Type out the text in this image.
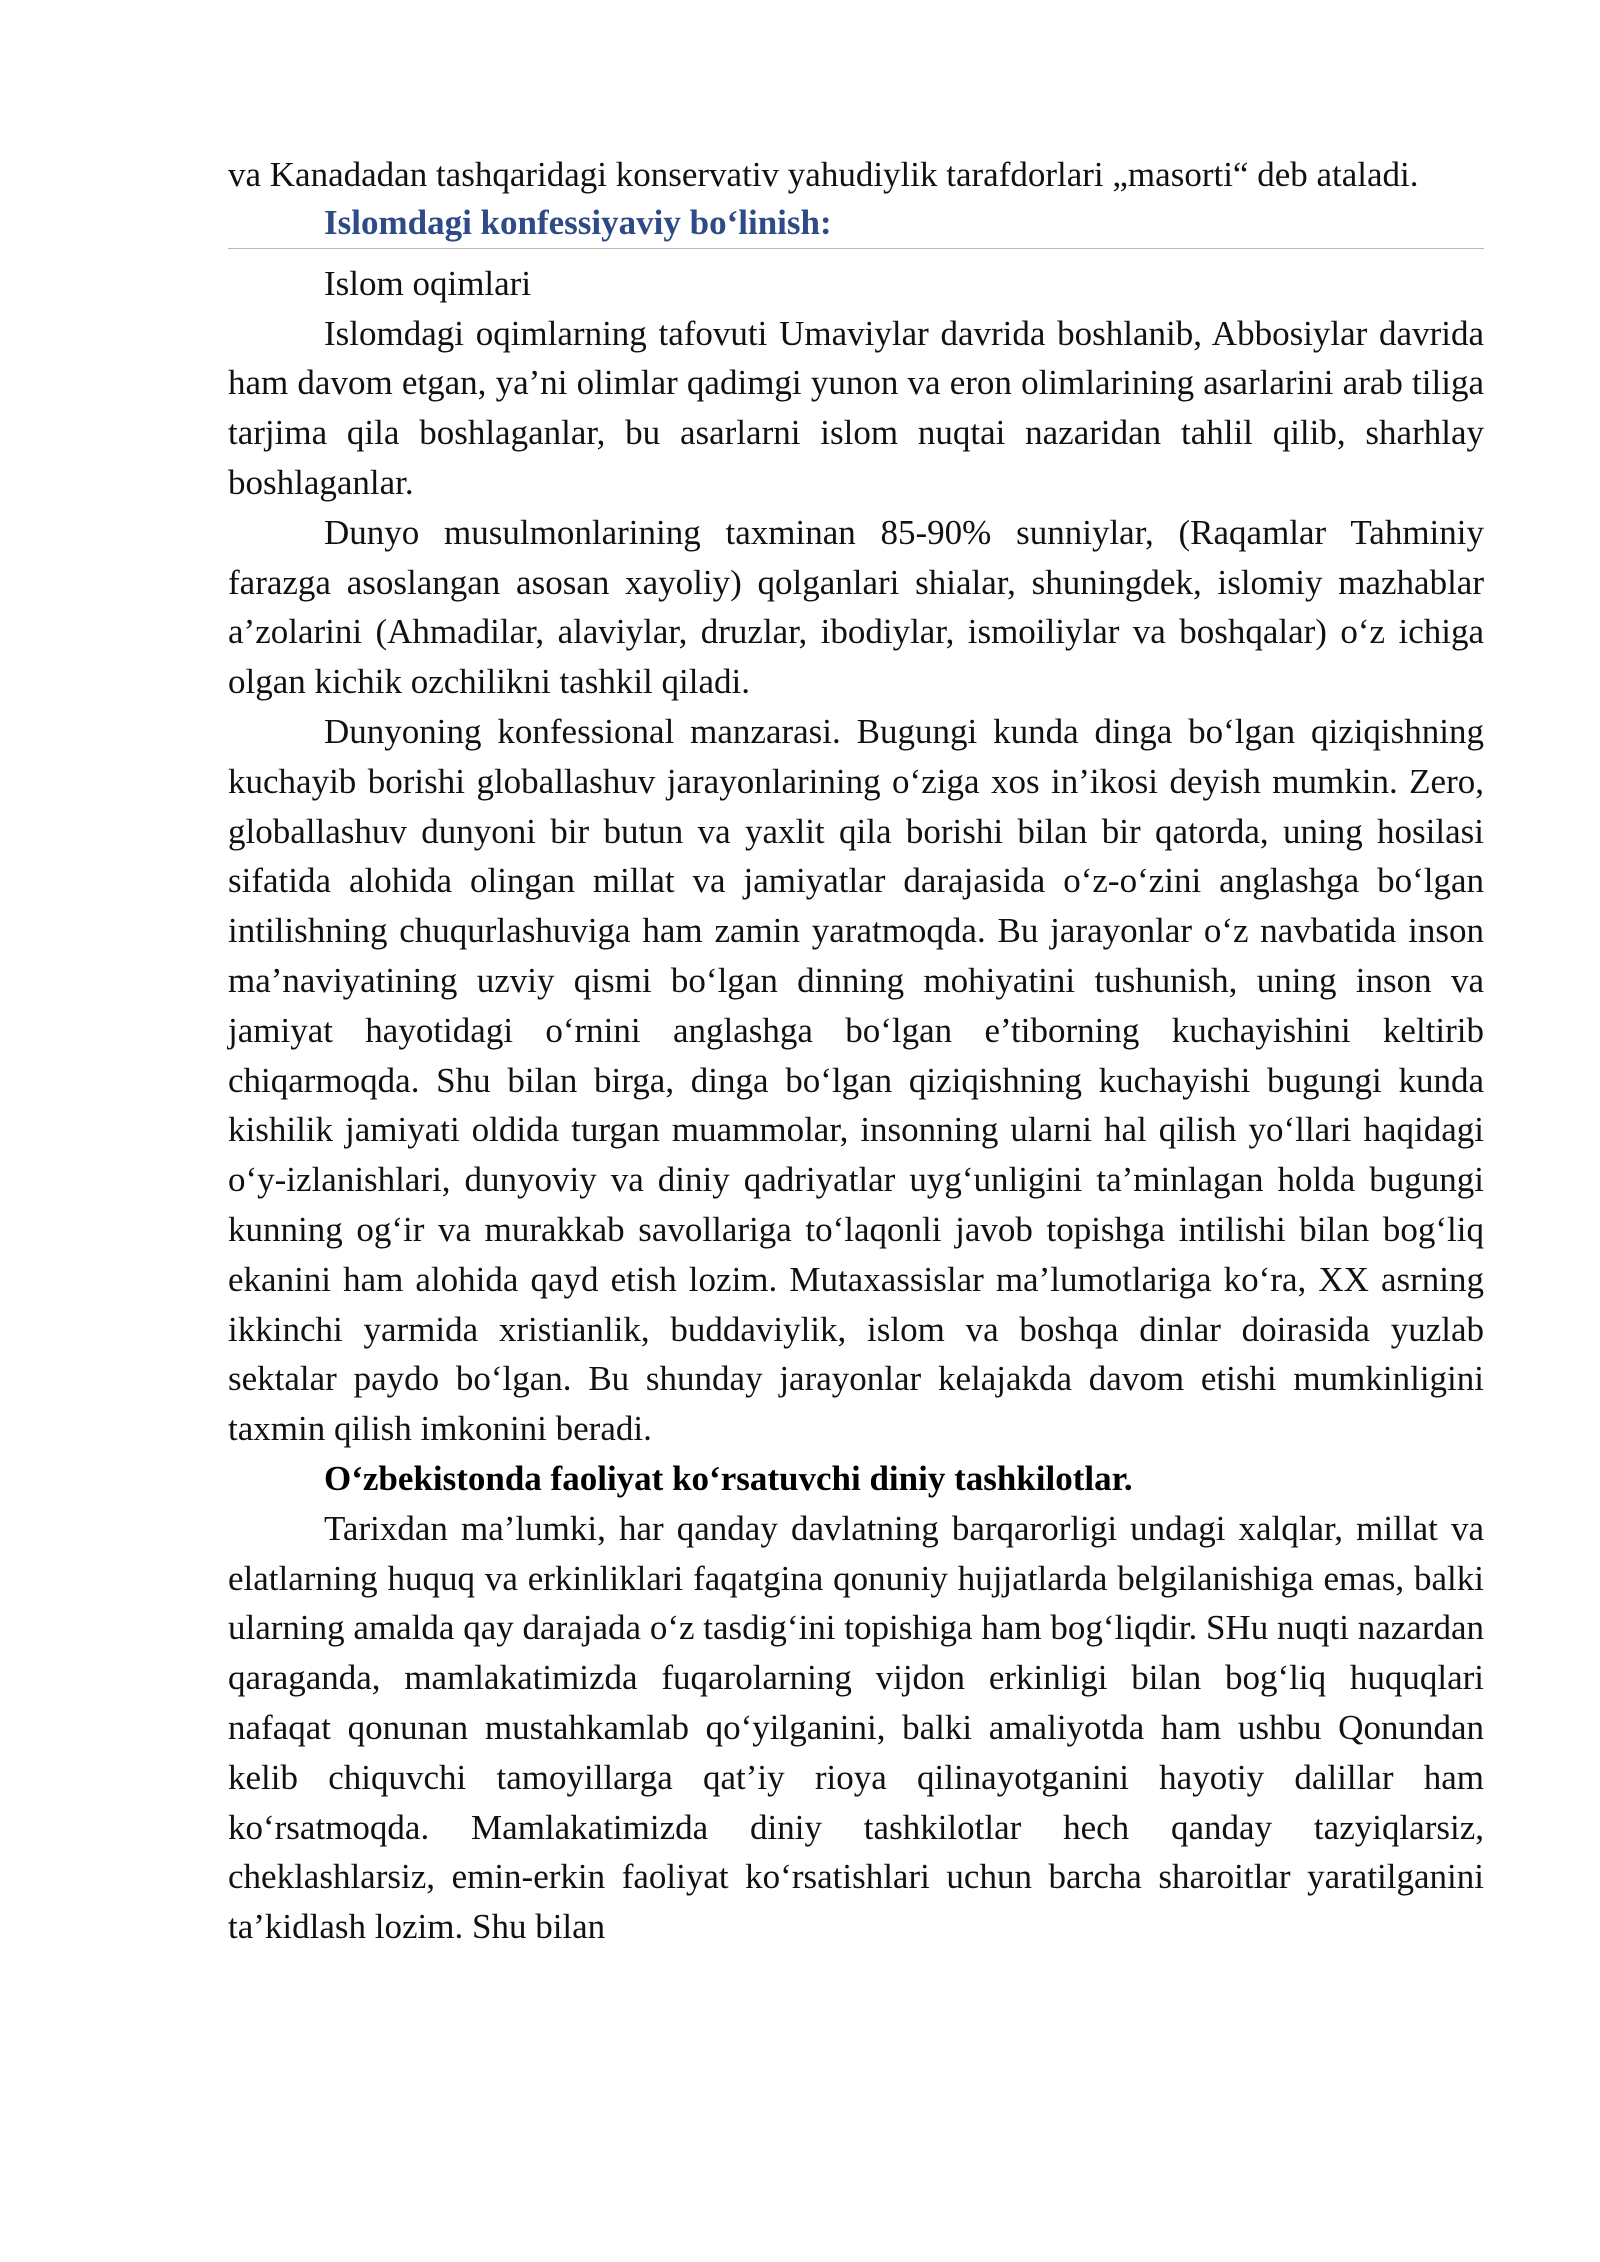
va Kanadadan tashqaridagi konservativ yahudiylik tarafdorlari „masorti“ deb ataladi.

Islomdagi konfessiyaviy bo‘linish:
Islom oqimlari

Islomdagi oqimlarning tafovuti Umaviylar davrida boshlanib, Abbosiylar davrida ham davom etgan, ya’ni olimlar qadimgi yunon va eron olimlarining asarlarini arab tiliga tarjima qila boshlaganlar, bu asarlarni islom nuqtai nazaridan tahlil qilib, sharhlay boshlaganlar.

Dunyo musulmonlarining taxminan 85-90% sunniylar, (Raqamlar Tahminiy farazga asoslangan asosan xayoliy) qolganlari shialar, shuningdek, islomiy mazhablar a’zolarini (Ahmadilar, alaviylar, druzlar, ibodiylar, ismoiliylar va boshqalar) o‘z ichiga olgan kichik ozchilikni tashkil qiladi.

Dunyoning konfessional manzarasi. Bugungi kunda dinga bo‘lgan qiziqishning kuchayib borishi globallashuv jarayonlarining o‘ziga xos in’ikosi deyish mumkin. Zero, globallashuv dunyoni bir butun va yaxlit qila borishi bilan bir qatorda, uning hosilasi sifatida alohida olingan millat va jamiyatlar darajasida o‘z-o‘zini anglashga bo‘lgan intilishning chuqurlashuviga ham zamin yaratmoqda. Bu jarayonlar o‘z navbatida inson ma’naviyatining uzviy qismi bo‘lgan dinning mohiyatini tushunish, uning inson va jamiyat hayotidagi o‘rnini anglashga bo‘lgan e’tiborning kuchayishini keltirib chiqarmoqda. Shu bilan birga, dinga bo‘lgan qiziqishning kuchayishi bugungi kunda kishilik jamiyati oldida turgan muammolar, insonning ularni hal qilish yo‘llari haqidagi o‘y-izlanishlari, dunyoviy va diniy qadriyatlar uyg‘unligini ta’minlagan holda bugungi kunning og‘ir va murakkab savollariga to‘laqonli javob topishga intilishi bilan bog‘liq ekanini ham alohida qayd etish lozim. Mutaxassislar ma’lumotlariga ko‘ra, XX asrning ikkinchi yarmida xristianlik, buddaviylik, islom va boshqa dinlar doirasida yuzlab sektalar paydo bo‘lgan. Bu shunday jarayonlar kelajakda davom etishi mumkinligini taxmin qilish imkonini beradi.

O‘zbekistonda faoliyat ko‘rsatuvchi diniy tashkilotlar.

Tarixdan ma’lumki, har qanday davlatning barqarorligi undagi xalqlar, millat va elatlarning huquq va erkinliklari faqatgina qonuniy hujjatlarda belgilanishiga emas, balki ularning amalda qay darajada o‘z tasdig‘ini topishiga ham bog‘liqdir. SHu nuqti nazardan qaraganda, mamlakatimizda fuqarolarning vijdon erkinligi bilan bog‘liq huquqlari nafaqat qonunan mustahkamlab qo‘yilganini, balki amaliyotda ham ushbu Qonundan kelib chiquvchi tamoyillarga qat’iy rioya qilinayotganini hayotiy dalillar ham ko‘rsatmoqda. Mamlakatimizda diniy tashkilotlar hech qanday tazyiqlarsiz, cheklashlarsiz, emin-erkin faoliyat ko‘rsatishlari uchun barcha sharoitlar yaratilganini ta’kidlash lozim. Shu bilan
